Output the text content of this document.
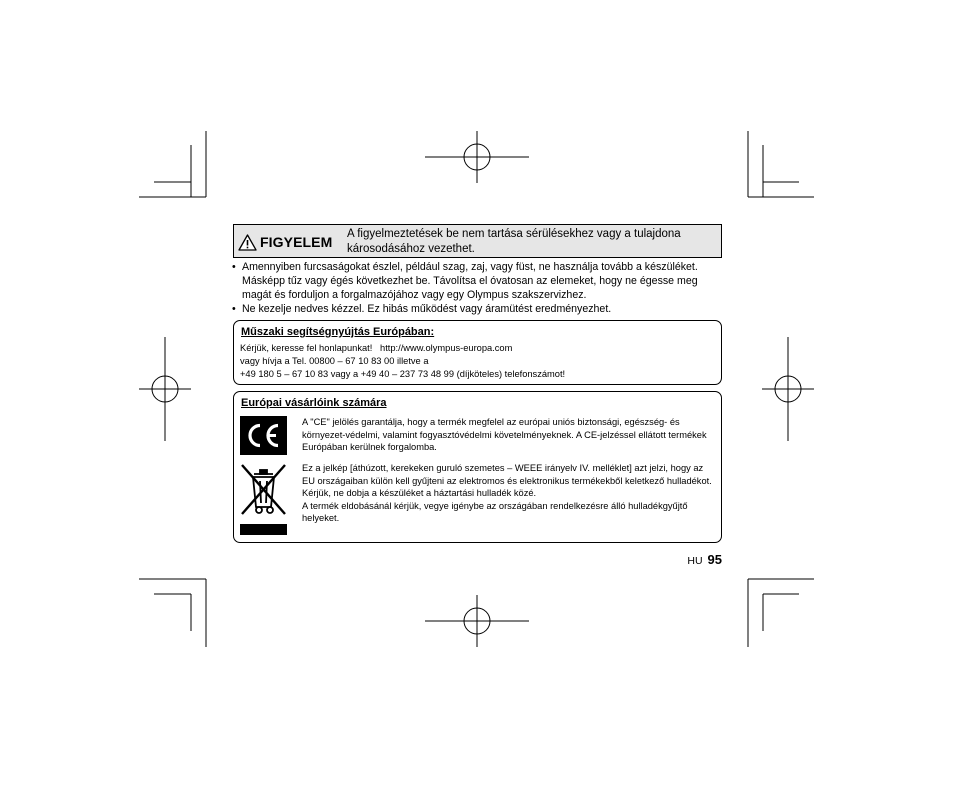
FIGYELEM A figyelmeztetések be nem tartása sérülésekhez vagy a tulajdona károsodásához vezethet.
• Amennyiben furcsaságokat észlel, például szag, zaj, vagy füst, ne használja tovább a készüléket. Másképp tűz vagy égés következhet be. Távolítsa el óvatosan az elemeket, hogy ne égesse meg magát és forduljon a forgalmazójához vagy egy Olympus szakszervizhez.
• Ne kezelje nedves kézzel. Ez hibás működést vagy áramütést eredményezhet.
Műszaki segítségnyújtás Európában:
Kérjük, keresse fel honlapunkat!   http://www.olympus-europa.com
vagy hívja a Tel. 00800 – 67 10 83 00 illetve a
+49 180 5 – 67 10 83 vagy a +49 40 – 237 73 48 99 (díjköteles) telefonszámot!
Európai vásárlóink számára
A "CE" jelölés garantálja, hogy a termék megfelel az európai uniós biztonsági, egészség- és környezet-védelmi, valamint fogyasztóvédelmi követelményeknek. A CE-jelzéssel ellátott termékek Európában kerülnek forgalomba.
Ez a jelkép [áthúzott, kerekeken guruló szemetes – WEEE irányelv IV. melléklet] azt jelzi, hogy az EU országaiban külön kell gyűjteni az elektromos és elektronikus termékekből keletkező hulladékot.
Kérjük, ne dobja a készüléket a háztartási hulladék közé.
A termék eldobásánál kérjük, vegye igénybe az országában rendelkezésre álló hulladékgyűjtő helyeket.
HU 95
